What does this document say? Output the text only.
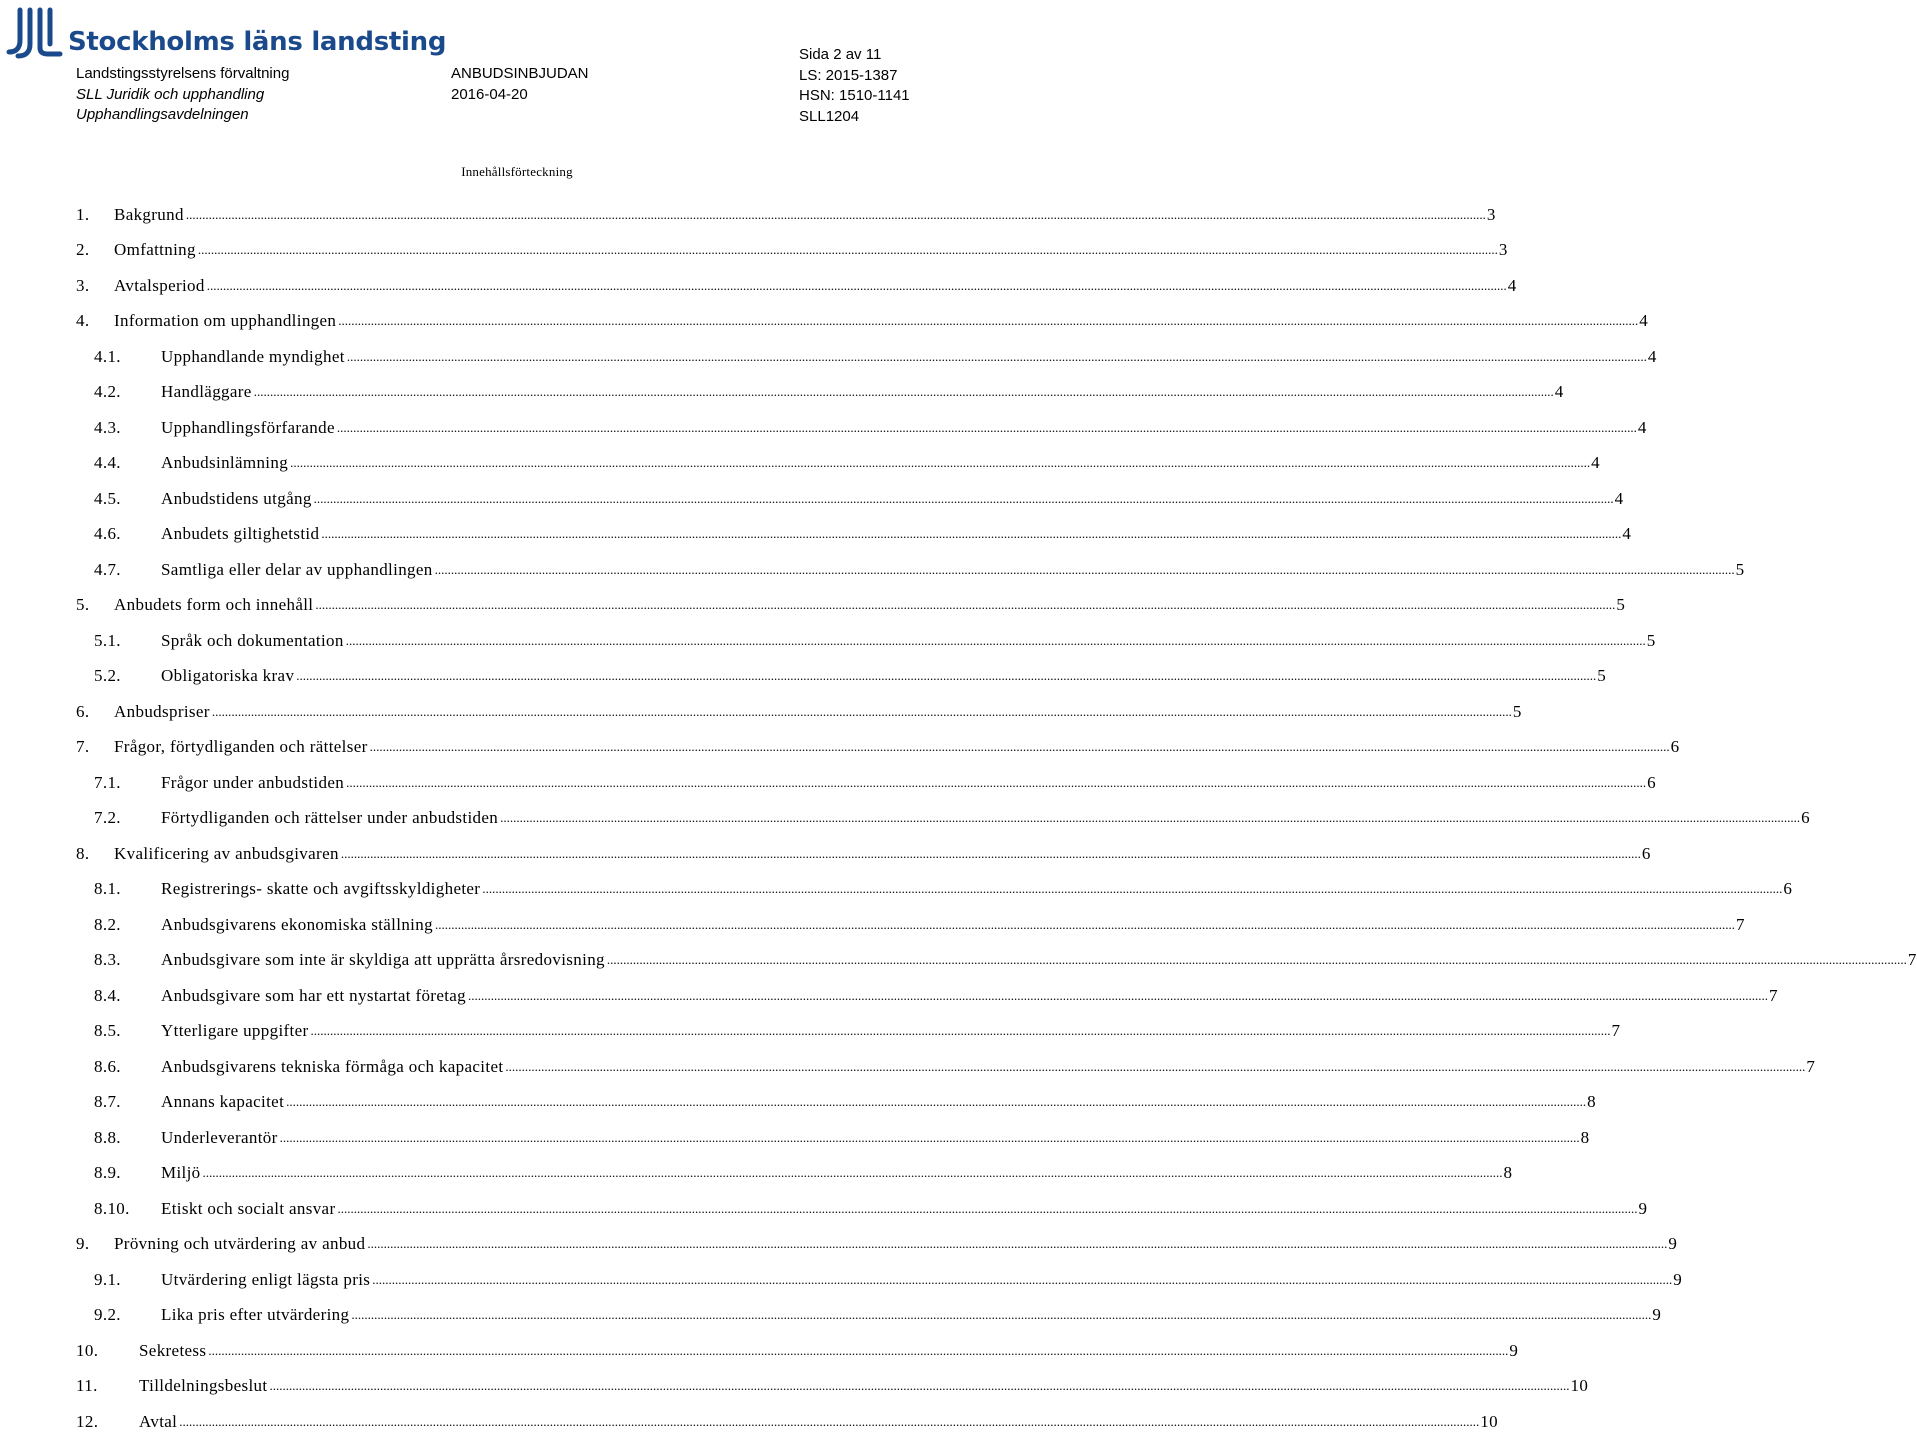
Stockholms läns landsting
Landstingsstyrelsens förvaltning
SLL Juridik och upphandling
Upphandlingsavdelningen
ANBUDSINBJUDAN
2016-04-20
Sida 2 av 11
LS: 2015-1387
HSN: 1510-1141
SLL1204
Innehållsförteckning
1. Bakgrund ................................................................................................................................................................................................................................................................................................................................................................................................................ 3
2. Omfattning ................................................................................................................................................................................................................................................................................................................................................................................................................ 3
3. Avtalsperiod ................................................................................................................................................................................................................................................................................................................................................................................................................ 4
4. Information om upphandlingen ................................................................................................................................................................................................................................................................................................................................................................................................................ 4
4.1. Upphandlande myndighet ................................................................................................................................................................................................................................................................................................................................................................................................................ 4
4.2. Handläggare ................................................................................................................................................................................................................................................................................................................................................................................................................ 4
4.3. Upphandlingsförfarande ................................................................................................................................................................................................................................................................................................................................................................................................................ 4
4.4. Anbudsinlämning ................................................................................................................................................................................................................................................................................................................................................................................................................ 4
4.5. Anbudstidens utgång ................................................................................................................................................................................................................................................................................................................................................................................................................ 4
4.6. Anbudets giltighetstid ................................................................................................................................................................................................................................................................................................................................................................................................................ 4
4.7. Samtliga eller delar av upphandlingen ................................................................................................................................................................................................................................................................................................................................................................................................................ 5
5. Anbudets form och innehåll ................................................................................................................................................................................................................................................................................................................................................................................................................ 5
5.1. Språk och dokumentation ................................................................................................................................................................................................................................................................................................................................................................................................................ 5
5.2. Obligatoriska krav ................................................................................................................................................................................................................................................................................................................................................................................................................ 5
6. Anbudspriser ................................................................................................................................................................................................................................................................................................................................................................................................................ 5
7. Frågor, förtydliganden och rättelser ................................................................................................................................................................................................................................................................................................................................................................................................................ 6
7.1. Frågor under anbudstiden ................................................................................................................................................................................................................................................................................................................................................................................................................ 6
7.2. Förtydliganden och rättelser under anbudstiden ................................................................................................................................................................................................................................................................................................................................................................................................................ 6
8. Kvalificering av anbudsgivaren ................................................................................................................................................................................................................................................................................................................................................................................................................ 6
8.1. Registrerings- skatte och avgiftsskyldigheter ................................................................................................................................................................................................................................................................................................................................................................................................................ 6
8.2. Anbudsgivarens ekonomiska ställning ................................................................................................................................................................................................................................................................................................................................................................................................................ 7
8.3. Anbudsgivare som inte är skyldiga att upprätta årsredovisning ................................................................................................................................................................................................................................................................................................................................................................................................................ 7
8.4. Anbudsgivare som har ett nystartat företag ................................................................................................................................................................................................................................................................................................................................................................................................................ 7
8.5. Ytterligare uppgifter ................................................................................................................................................................................................................................................................................................................................................................................................................ 7
8.6. Anbudsgivarens tekniska förmåga och kapacitet ................................................................................................................................................................................................................................................................................................................................................................................................................ 7
8.7. Annans kapacitet ................................................................................................................................................................................................................................................................................................................................................................................................................ 8
8.8. Underleverantör ................................................................................................................................................................................................................................................................................................................................................................................................................ 8
8.9. Miljö ................................................................................................................................................................................................................................................................................................................................................................................................................ 8
8.10. Etiskt och socialt ansvar ................................................................................................................................................................................................................................................................................................................................................................................................................ 9
9. Prövning och utvärdering av anbud ................................................................................................................................................................................................................................................................................................................................................................................................................ 9
9.1. Utvärdering enligt lägsta pris ................................................................................................................................................................................................................................................................................................................................................................................................................ 9
9.2. Lika pris efter utvärdering ................................................................................................................................................................................................................................................................................................................................................................................................................ 9
10. Sekretess ................................................................................................................................................................................................................................................................................................................................................................................................................ 9
11. Tilldelningsbeslut ................................................................................................................................................................................................................................................................................................................................................................................................................ 10
12. Avtal ................................................................................................................................................................................................................................................................................................................................................................................................................ 10
